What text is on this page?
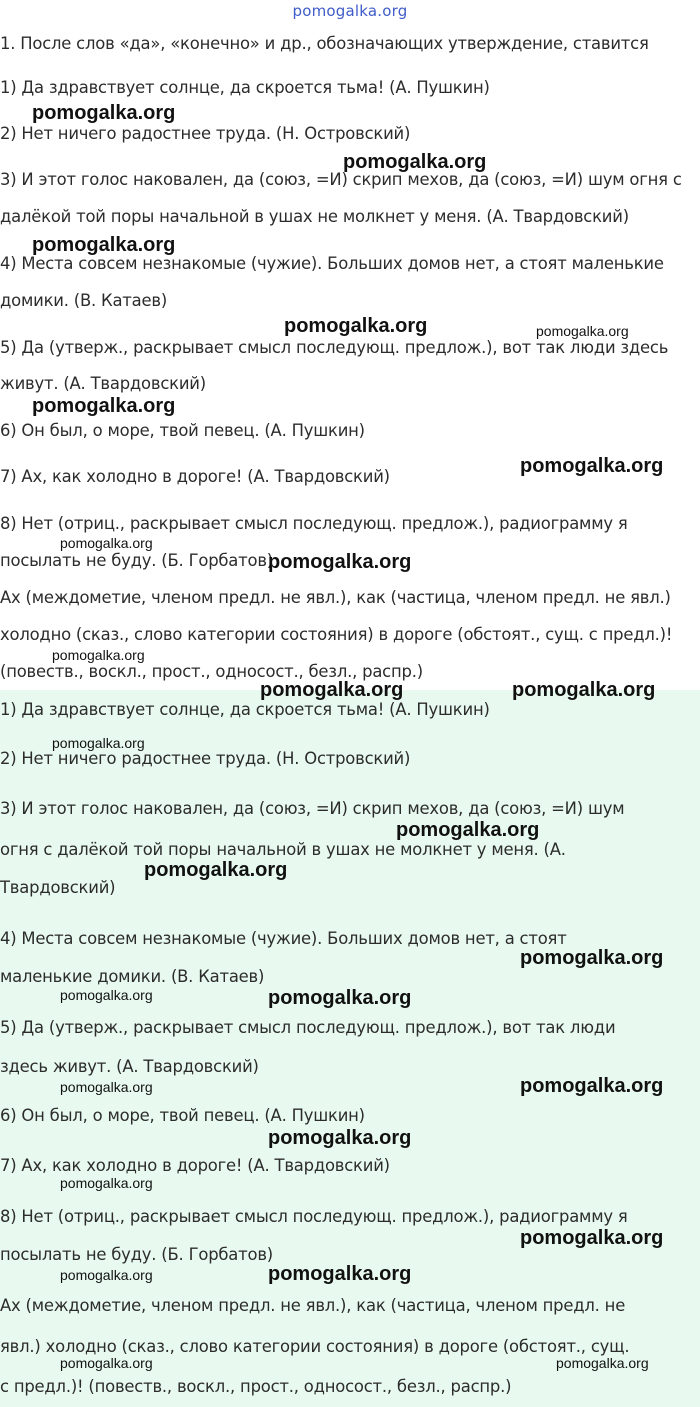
pomogalka.org
1. После слов «да», «конечно» и др., обозначающих утверждение, ставится
1) Да здравствует солнце, да скроется тьма! (А. Пушкин)
2) Нет ничего радостнее труда. (Н. Островский)
3) И этот голос наковален, да (союз, =И) скрип мехов, да (союз, =И) шум огня с
далёкой той поры начальной в ушах не молкнет у меня. (А. Твардовский)
4) Места совсем незнакомые (чужие). Больших домов нет, а стоят маленькие
домики. (В. Катаев)
5) Да (утверж., раскрывает смысл последующ. предлож.), вот так люди здесь
живут. (А. Твардовский)
6) Он был, о море, твой певец. (А. Пушкин)
7) Ах, как холодно в дороге! (А. Твардовский)
8) Нет (отриц., раскрывает смысл последующ. предлож.), радиограмму я
посылать не буду. (Б. Горбатов)
Ах (междометие, членом предл. не явл.), как (частица, членом предл. не явл.)
холодно (сказ., слово категории состояния) в дороге (обстоят., сущ. с предл.)!
(повеств., воскл., прост., односост., безл., распр.)
1) Да здравствует солнце, да скроется тьма! (А. Пушкин)
2) Нет ничего радостнее труда. (Н. Островский)
3) И этот голос наковален, да (союз, =И) скрип мехов, да (союз, =И) шум
огня с далёкой той поры начальной в ушах не молкнет у меня. (А.
Твардовский)
4) Места совсем незнакомые (чужие). Больших домов нет, а стоят
маленькие домики. (В. Катаев)
5) Да (утверж., раскрывает смысл последующ. предлож.), вот так люди
здесь живут. (А. Твардовский)
6) Он был, о море, твой певец. (А. Пушкин)
7) Ах, как холодно в дороге! (А. Твардовский)
8) Нет (отриц., раскрывает смысл последующ. предлож.), радиограмму я
посылать не буду. (Б. Горбатов)
Ах (междометие, членом предл. не явл.), как (частица, членом предл. не
явл.) холодно (сказ., слово категории состояния) в дороге (обстоят., сущ.
с предл.)! (повеств., воскл., прост., односост., безл., распр.)
pomogalka.org
pomogalka.org
pomogalka.org
pomogalka.org	pomogalka.org
pomogalka.org
pomogalka.org
pomogalka.org
pomogalka.org
pomogalka.org
pomogalka.org	pomogalka.org
pomogalka.org
pomogalka.org
pomogalka.org
pomogalka.org
pomogalka.org	pomogalka.org
pomogalka.org
pomogalka.org
pomogalka.org
pomogalka.org
pomogalka.org
pomogalka.org	pomogalka.org
pomogalka.org	pomogalka.org
